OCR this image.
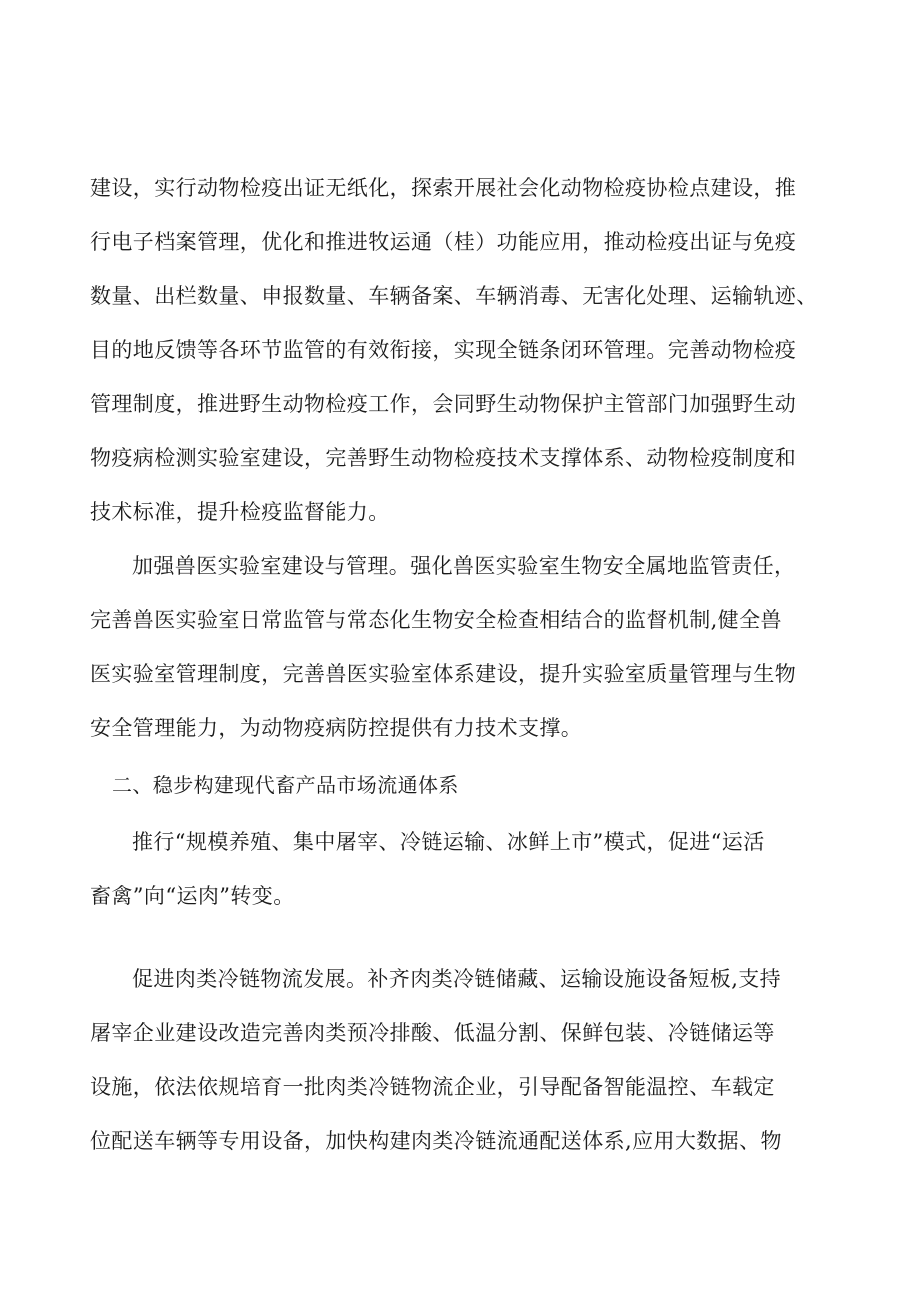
建设，实行动物检疫出证无纸化，探索开展社会化动物检疫协检点建设，推
行电子档案管理，优化和推进牧运通（桂）功能应用，推动检疫出证与免疫
数量、出栏数量、申报数量、车辆备案、车辆消毒、无害化处理、运输轨迹、
目的地反馈等各环节监管的有效衔接，实现全链条闭环管理。完善动物检疫
管理制度，推进野生动物检疫工作，会同野生动物保护主管部门加强野生动
物疫病检测实验室建设，完善野生动物检疫技术支撑体系、动物检疫制度和
技术标准，提升检疫监督能力。
加强兽医实验室建设与管理。强化兽医实验室生物安全属地监管责任，
完善兽医实验室日常监管与常态化生物安全检查相结合的监督机制,健全兽
医实验室管理制度，完善兽医实验室体系建设，提升实验室质量管理与生物
安全管理能力，为动物疫病防控提供有力技术支撑。
二、稳步构建现代畜产品市场流通体系
推行“规模养殖、集中屠宰、冷链运输、冰鲜上市”模式，促进“运活
畜禽”向“运肉”转变。
促进肉类冷链物流发展。补齐肉类冷链储藏、运输设施设备短板,支持
屠宰企业建设改造完善肉类预冷排酸、低温分割、保鲜包装、冷链储运等
设施，依法依规培育一批肉类冷链物流企业，引导配备智能温控、车载定
位配送车辆等专用设备，加快构建肉类冷链流通配送体系,应用大数据、物
